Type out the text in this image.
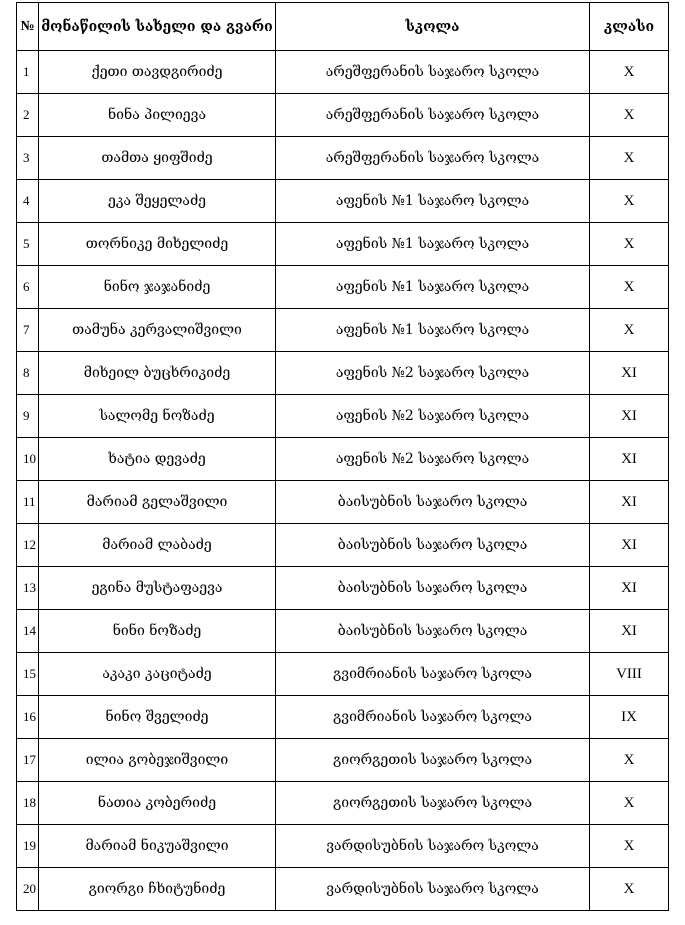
№	მონაწილის სახელი და გვარი	სკოლა	კლასი
1	ქეთი თავდგირიძე	არეშფერანის საჯარო სკოლა	X
2	ნინა პილიევა	არეშფერანის საჯარო სკოლა	X
3	თამთა ყიფშიძე	არეშფერანის საჯარო სკოლა	X
4	ეკა შეყელაძე	აფენის №1 საჯარო სკოლა	X
5	თორნიკე მიხელიძე	აფენის №1 საჯარო სკოლა	X
6	ნინო ჯაჯანიძე	აფენის №1 საჯარო სკოლა	X
7	თამუნა კერვალიშვილი	აფენის №1 საჯარო სკოლა	X
8	მიხეილ ბუცხრიკიძე	აფენის №2 საჯარო სკოლა	XI
9	სალომე ნოზაძე	აფენის №2 საჯარო სკოლა	XI
10	ხატია დევაძე	აფენის №2 საჯარო სკოლა	XI
11	მარიამ გელაშვილი	ბაისუბნის საჯარო სკოლა	XI
12	მარიამ ლაბაძე	ბაისუბნის საჯარო სკოლა	XI
13	ეგინა მუსტაფაევა	ბაისუბნის საჯარო სკოლა	XI
14	ნინი ნოზაძე	ბაისუბნის საჯარო სკოლა	XI
15	აკაკი კაციტაძე	გვიმრიანის საჯარო სკოლა	VIII
16	ნინო შველიძე	გვიმრიანის საჯარო სკოლა	IX
17	ილია გობეჯიშვილი	გიორგეთის საჯარო სკოლა	X
18	ნათია კობერიძე	გიორგეთის საჯარო სკოლა	X
19	მარიამ ნიკუაშვილი	ვარდისუბნის საჯარო სკოლა	X
20	გიორგი ჩხიტუნიძე	ვარდისუბნის საჯარო სკოლა	X
